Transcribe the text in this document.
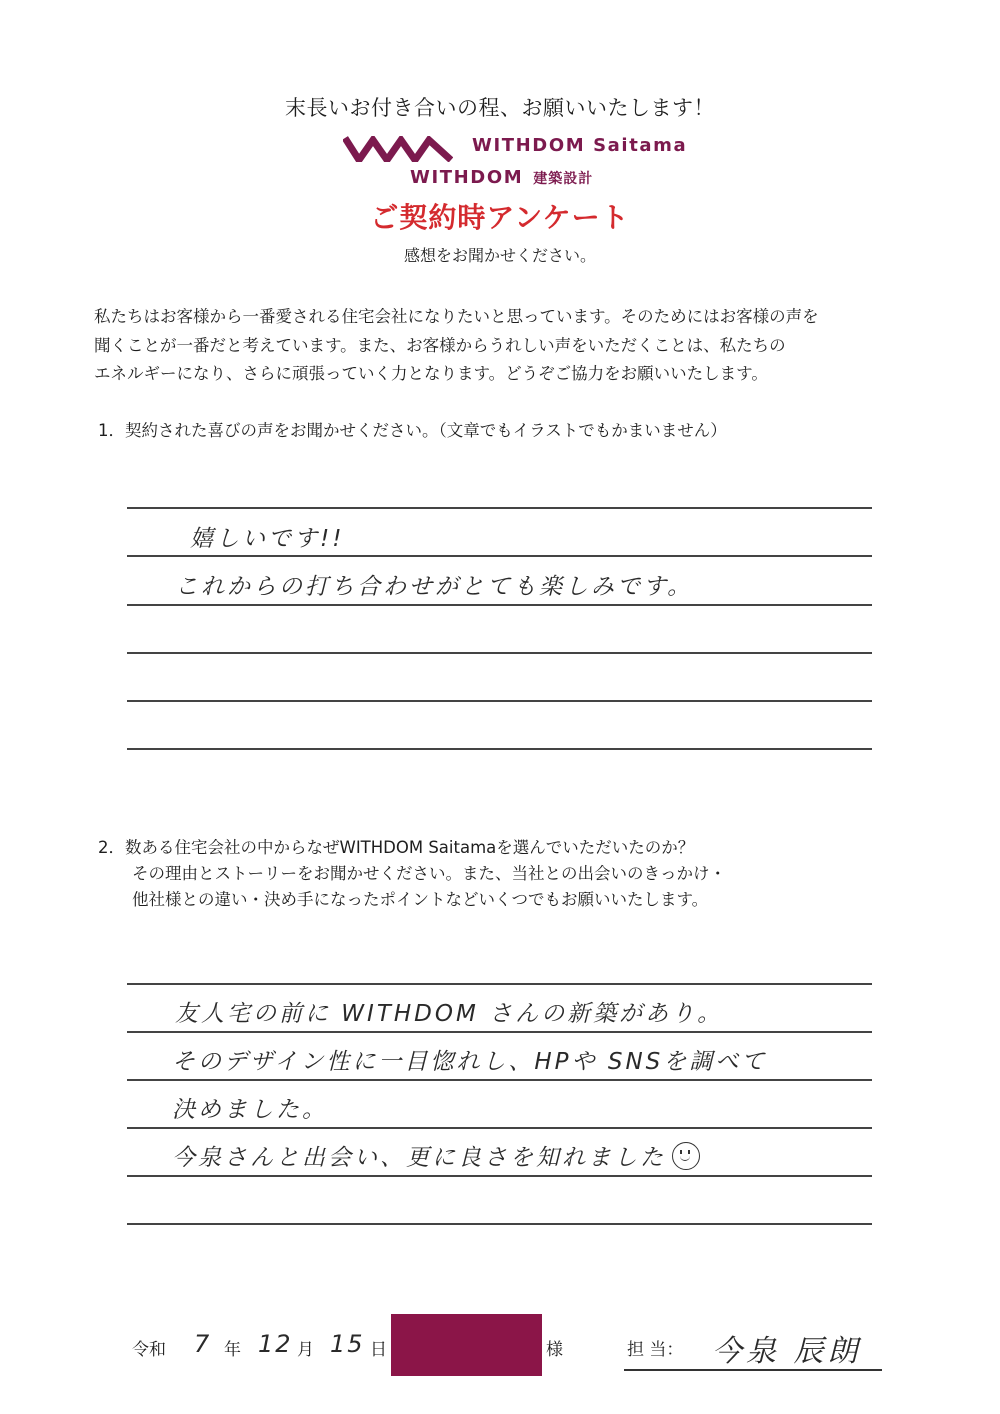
末長いお付き合いの程、お願いいたします！
WITHDOM Saitama
WITHDOM 建築設計
ご契約時アンケート
感想をお聞かせください。
私たちはお客様から一番愛される住宅会社になりたいと思っています。そのためにはお客様の声を
聞くことが一番だと考えています。また、お客様からうれしい声をいただくことは、私たちの
エネルギーになり、さらに頑張っていく力となります。どうぞご協力をお願いいたします。
1．契約された喜びの声をお聞かせください。（文章でもイラストでもかまいません）
嬉しいです!!
これからの打ち合わせがとても楽しみです。
2．数ある住宅会社の中からなぜWITHDOM Saitamaを選んでいただいたのか？
その理由とストーリーをお聞かせください。また、当社との出会いのきっかけ・
他社様との違い・決め手になったポイントなどいくつでもお願いいたします。
友人宅の前に WITHDOM さんの新築があり。
そのデザイン性に一目惚れし、HPや SNSを調べて
決めました。
今泉さんと出会い、更に良さを知れました
令和 7 年 12 月 15 日	様	担 当： 今泉 辰朗
